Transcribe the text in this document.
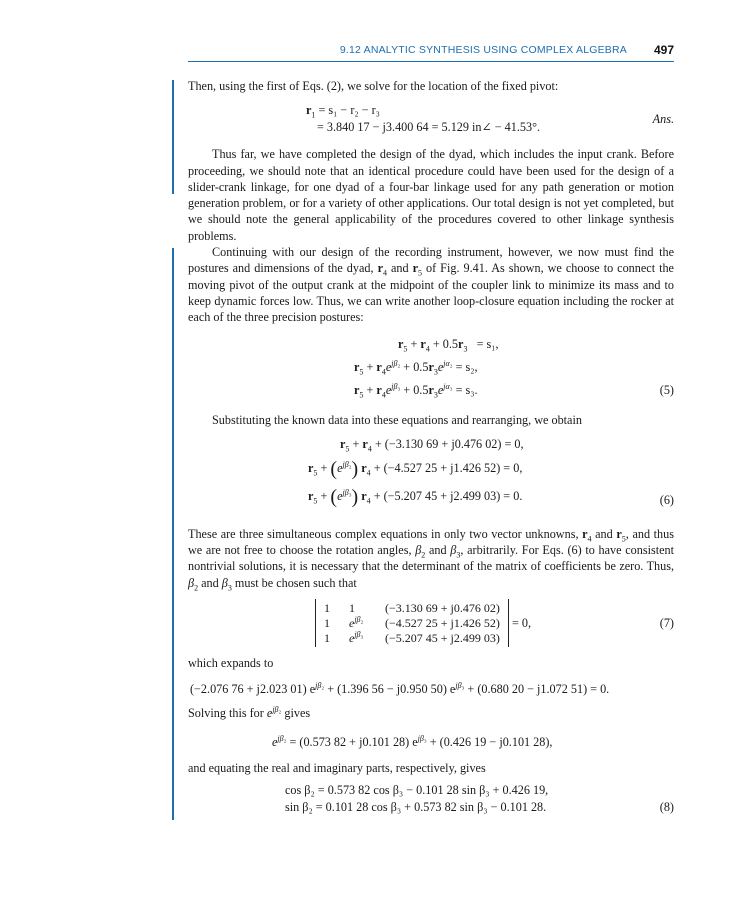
9.12 ANALYTIC SYNTHESIS USING COMPLEX ALGEBRA 497

Then, using the first of Eqs. (2), we solve for the location of the fixed pivot:

$r_1 = s_1 - r_2 - r_3$
= 3.840 17 − j3.400 64 = 5.129 in∠ − 41.53°.
Ans.

Thus far, we have completed the design of the dyad, which includes the input crank. Before proceeding, we should note that an identical procedure could have been used for the design of a slider-crank linkage, for one dyad of a four-bar linkage used for any path generation or motion generation problem, or for a variety of other applications. Our total design is not yet completed, but we should note the general applicability of the procedures covered to other linkage synthesis problems.

Continuing with our design of the recording instrument, however, we now must find the postures and dimensions of the dyad, $r_4$ and $r_5$ of Fig. 9.41. As shown, we choose to connect the moving pivot of the output crank at the midpoint of the coupler link to minimize its mass and to keep dynamic forces low. Thus, we can write another loop-closure equation including the rocker at each of the three precision postures:

$r_5 + r_4 + 0.5r_3 = s_1$,
$r_5 + r_4e^{j\beta_2} + 0.5r_3e^{j\alpha_2} = s_2$,
$r_5 + r_4e^{j\beta_3} + 0.5r_3e^{j\alpha_3} = s_3$.	(5)

Substituting the known data into these equations and rearranging, we obtain

$r_5 + r_4 + (-3.130$ 69 + j0.476 02) = 0,
$r_5 + (e^{j\beta_2}) r_4 + (-4.527$ 25 + j1.426 52) = 0,
$r_5 + (e^{j\beta_3}) r_4 + (-5.207$ 45 + j2.499 03) = 0.	(6)

These are three simultaneous complex equations in only two vector unknowns, $r_4$ and $r_5$, and thus we are not free to choose the rotation angles, $\beta_2$ and $\beta_3$, arbitrarily. For Eqs. (6) to have consistent nontrivial solutions, it is necessary that the determinant of the matrix of coefficients be zero. Thus, $\beta_2$ and $\beta_3$ must be chosen such that

1 1	(−3.130 69 + j0.476 02)
1 $e^{j\beta_2}$ (−4.527 25 + j1.426 52)
1 $e^{j\beta_3}$ (−5.207 45 + j2.499 03)
= 0,	(7)

which expands to

(−2.076 76 + j2.023 01) $e^{j\beta_2} + (1.396$ 56 − j0.950 50) $e^{j\beta_3} + (0.680$ 20 − j1.072 51) = 0.

Solving this for $e^{j\beta_2}$ gives

$e^{j\beta_2} = (0.573$ 82 + j0.101 28) $e^{j\beta_3} + (0.426$ 19 − j0.101 28),

and equating the real and imaginary parts, respectively, gives

cos β₂ = 0.573 82 cos β₃ − 0.101 28 sin β₃ + 0.426 19,
sin β₂ = 0.101 28 cos β₃ + 0.573 82 sin β₃ − 0.101 28.	(8)
